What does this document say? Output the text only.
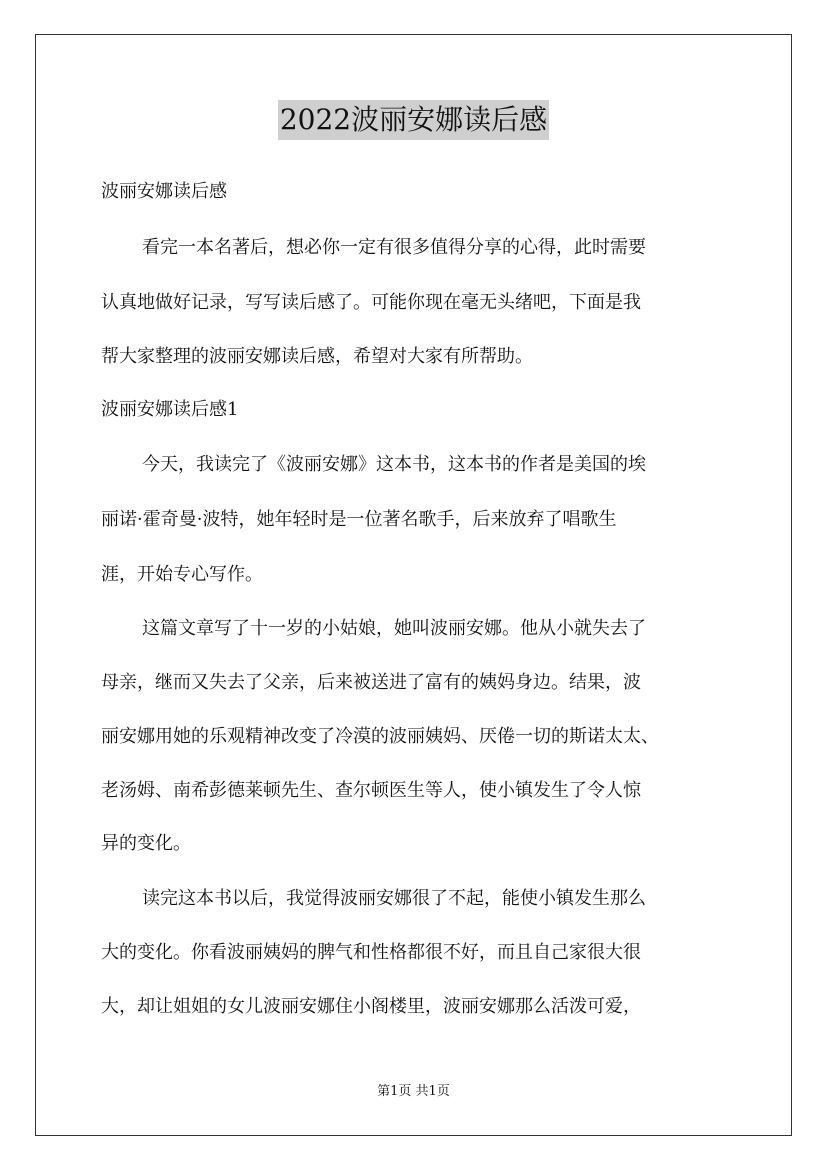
2022波丽安娜读后感
波丽安娜读后感
看完一本名著后，想必你一定有很多值得分享的心得，此时需要
认真地做好记录，写写读后感了。可能你现在毫无头绪吧，下面是我
帮大家整理的波丽安娜读后感，希望对大家有所帮助。
波丽安娜读后感1
今天，我读完了《波丽安娜》这本书，这本书的作者是美国的埃
丽诺·霍奇曼·波特，她年轻时是一位著名歌手，后来放弃了唱歌生
涯，开始专心写作。
这篇文章写了十一岁的小姑娘，她叫波丽安娜。他从小就失去了
母亲，继而又失去了父亲，后来被送进了富有的姨妈身边。结果，波
丽安娜用她的乐观精神改变了冷漠的波丽姨妈、厌倦一切的斯诺太太、
老汤姆、南希彭德莱顿先生、查尔顿医生等人，使小镇发生了令人惊
异的变化。
读完这本书以后，我觉得波丽安娜很了不起，能使小镇发生那么
大的变化。你看波丽姨妈的脾气和性格都很不好，而且自己家很大很
大，却让姐姐的女儿波丽安娜住小阁楼里，波丽安娜那么活泼可爱，
第1页 共1页
